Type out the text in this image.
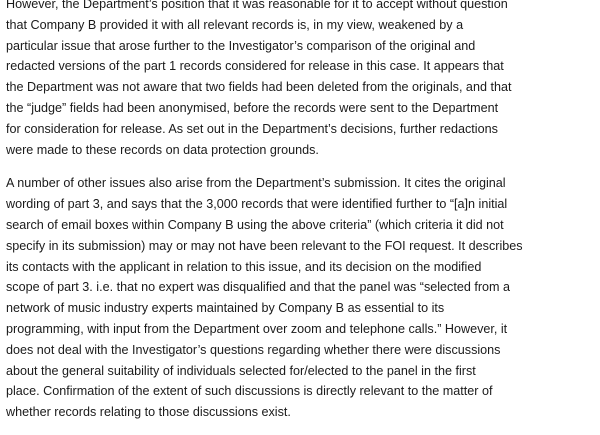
However, the Department’s position that it was reasonable for it to accept without question
that Company B provided it with all relevant records is, in my view, weakened by a
particular issue that arose further to the Investigator’s comparison of the original and
redacted versions of the part 1 records considered for release in this case. It appears that
the Department was not aware that two fields had been deleted from the originals, and that
the “judge” fields had been anonymised, before the records were sent to the Department
for consideration for release. As set out in the Department’s decisions, further redactions
were made to these records on data protection grounds.

A number of other issues also arise from the Department’s submission. It cites the original
wording of part 3, and says that the 3,000 records that were identified further to “[a]n initial
search of email boxes within Company B using the above criteria” (which criteria it did not
specify in its submission) may or may not have been relevant to the FOI request. It describes
its contacts with the applicant in relation to this issue, and its decision on the modified
scope of part 3. i.e. that no expert was disqualified and that the panel was “selected from a
network of music industry experts maintained by Company B as essential to its
programming, with input from the Department over zoom and telephone calls.” However, it
does not deal with the Investigator’s questions regarding whether there were discussions
about the general suitability of individuals selected for/elected to the panel in the first
place. Confirmation of the extent of such discussions is directly relevant to the matter of
whether records relating to those discussions exist.
